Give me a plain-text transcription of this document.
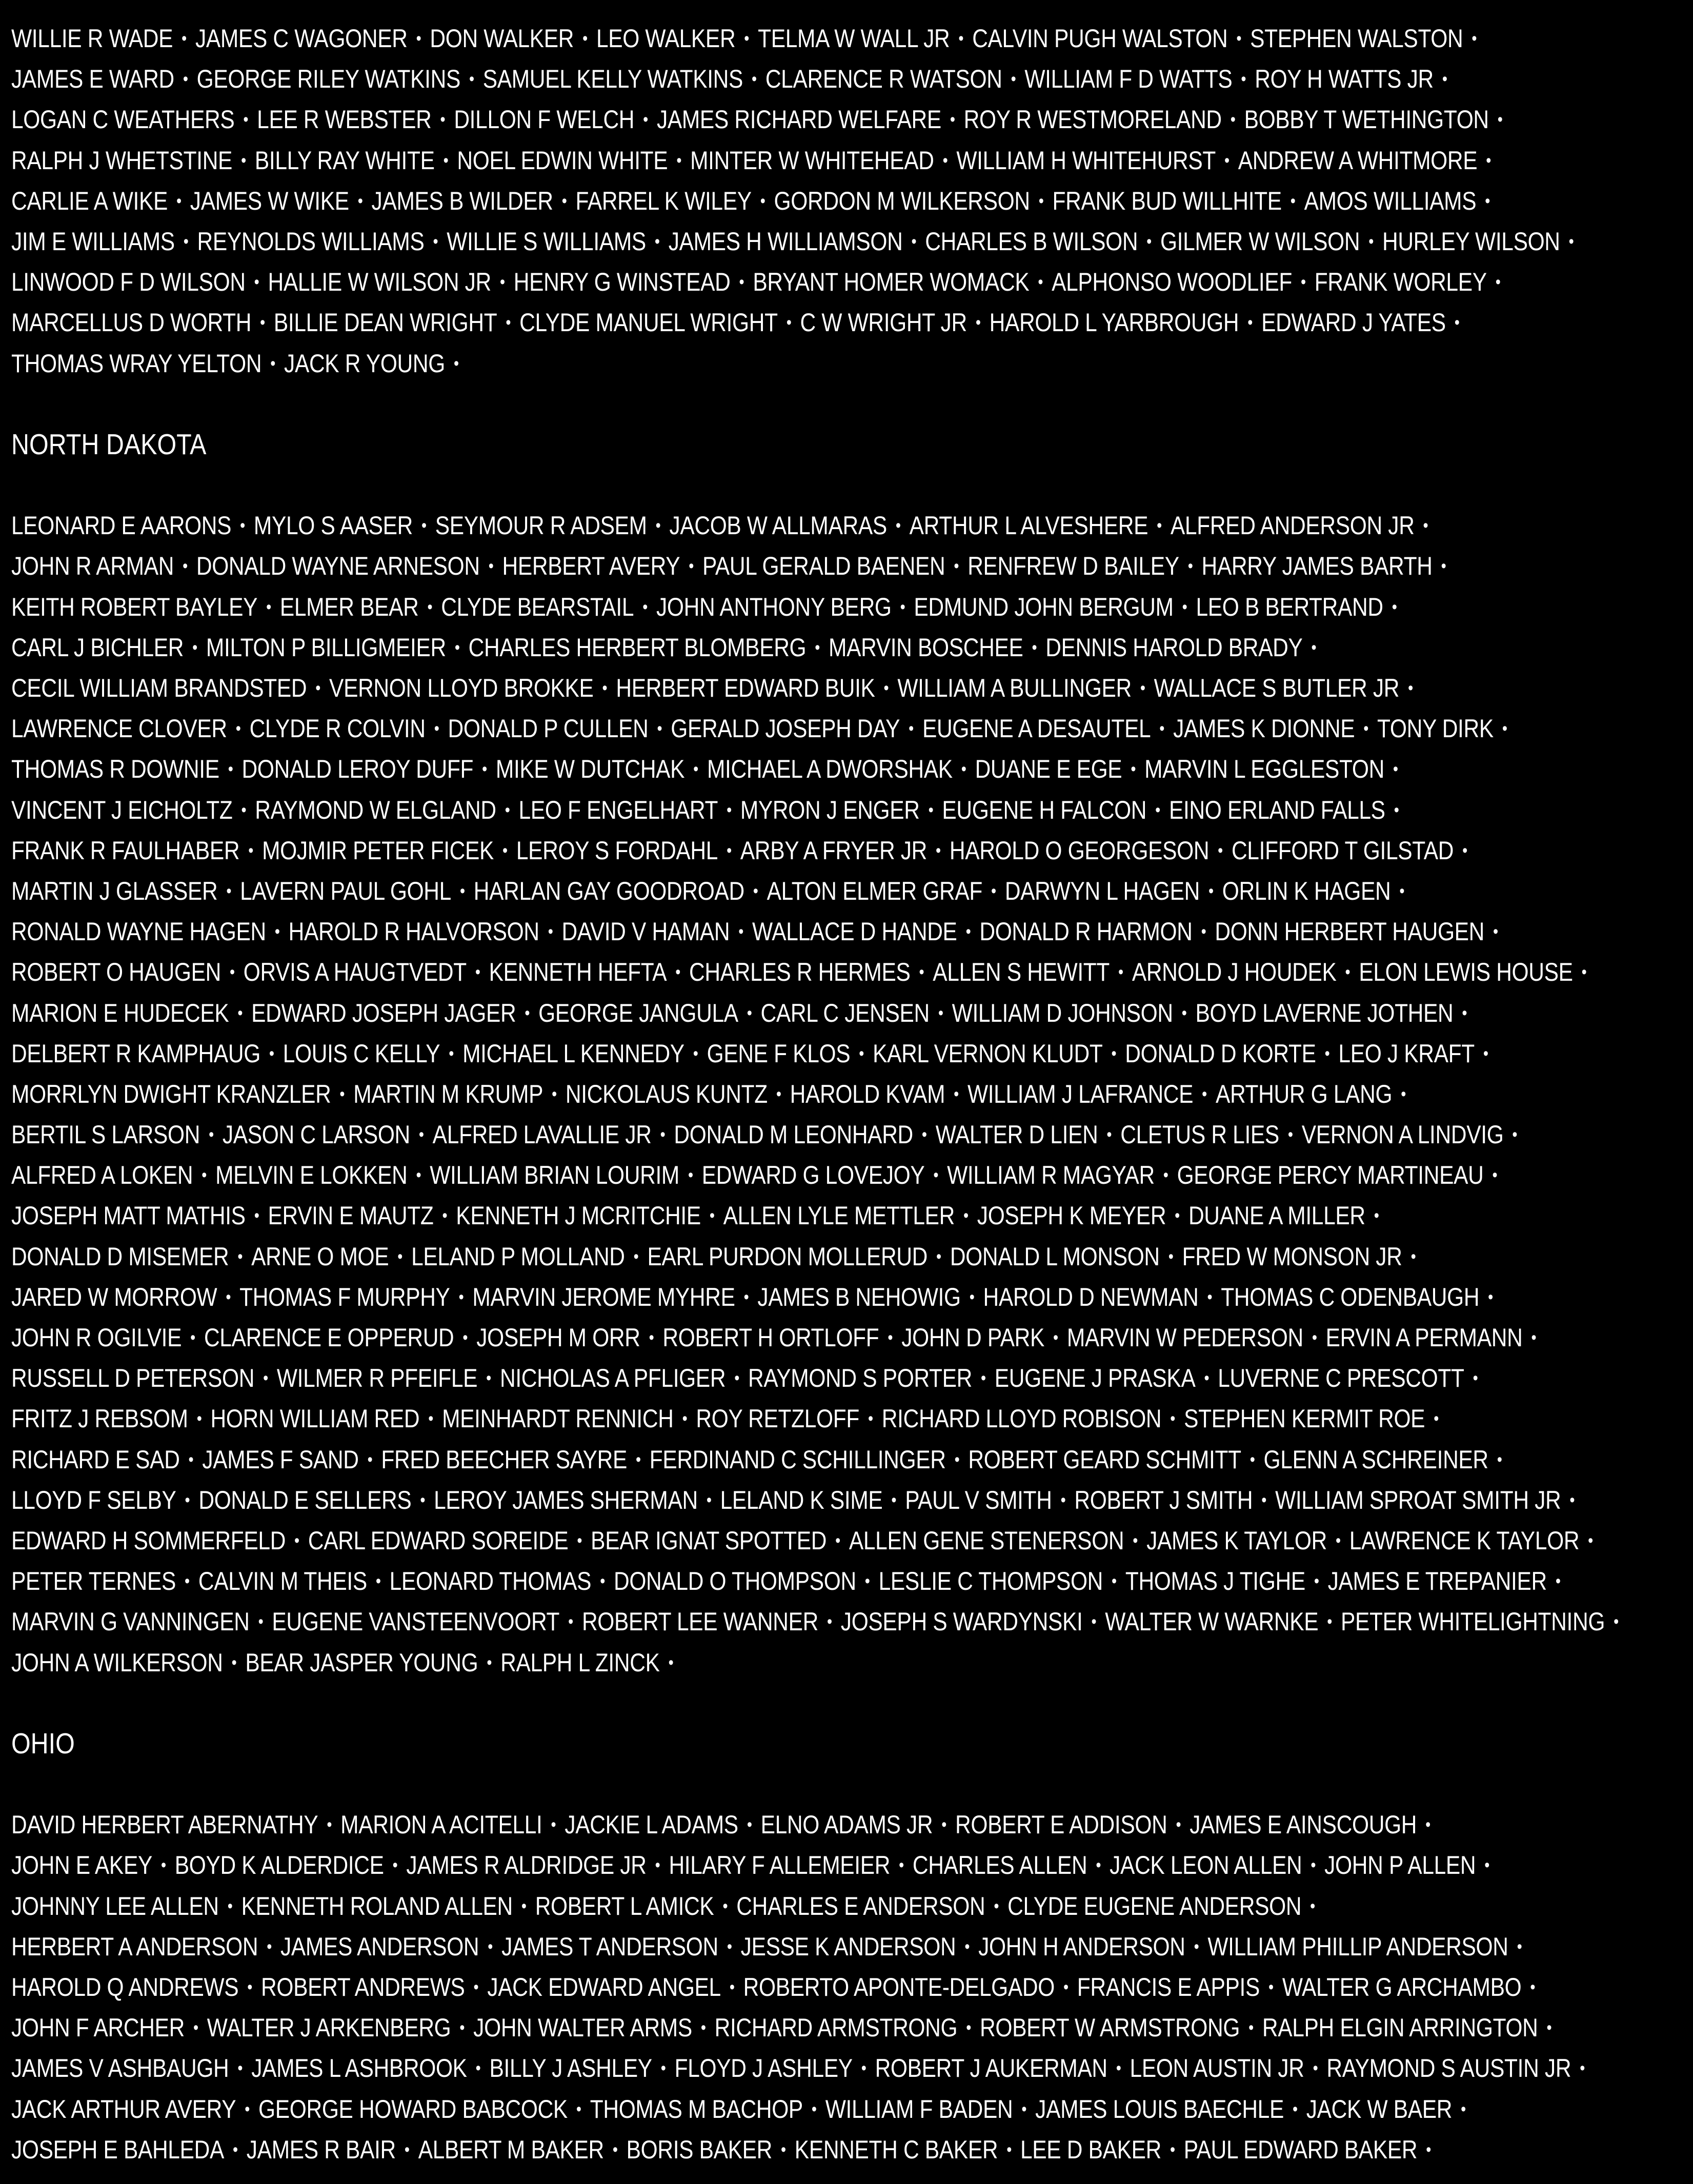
WILLIE R WADE • JAMES C WAGONER • DON WALKER • LEO WALKER • TELMA W WALL JR • CALVIN PUGH WALSTON • STEPHEN WALSTON •
JAMES E WARD • GEORGE RILEY WATKINS • SAMUEL KELLY WATKINS • CLARENCE R WATSON • WILLIAM F D WATTS • ROY H WATTS JR •
LOGAN C WEATHERS • LEE R WEBSTER • DILLON F WELCH • JAMES RICHARD WELFARE • ROY R WESTMORELAND • BOBBY T WETHINGTON •
RALPH J WHETSTINE • BILLY RAY WHITE • NOEL EDWIN WHITE • MINTER W WHITEHEAD • WILLIAM H WHITEHURST • ANDREW A WHITMORE •
CARLIE A WIKE • JAMES W WIKE • JAMES B WILDER • FARREL K WILEY • GORDON M WILKERSON • FRANK BUD WILLHITE • AMOS WILLIAMS •
JIM E WILLIAMS • REYNOLDS WILLIAMS • WILLIE S WILLIAMS • JAMES H WILLIAMSON • CHARLES B WILSON • GILMER W WILSON • HURLEY WILSON •
LINWOOD F D WILSON • HALLIE W WILSON JR • HENRY G WINSTEAD • BRYANT HOMER WOMACK • ALPHONSO WOODLIEF • FRANK WORLEY •
MARCELLUS D WORTH • BILLIE DEAN WRIGHT • CLYDE MANUEL WRIGHT • C W WRIGHT JR • HAROLD L YARBROUGH • EDWARD J YATES •
THOMAS WRAY YELTON • JACK R YOUNG •
NORTH DAKOTA
LEONARD E AARONS • MYLO S AASER • SEYMOUR R ADSEM • JACOB W ALLMARAS • ARTHUR L ALVESHERE • ALFRED ANDERSON JR •
JOHN R ARMAN • DONALD WAYNE ARNESON • HERBERT AVERY • PAUL GERALD BAENEN • RENFREW D BAILEY • HARRY JAMES BARTH •
KEITH ROBERT BAYLEY • ELMER BEAR • CLYDE BEARSTAIL • JOHN ANTHONY BERG • EDMUND JOHN BERGUM • LEO B BERTRAND •
CARL J BICHLER • MILTON P BILLIGMEIER • CHARLES HERBERT BLOMBERG • MARVIN BOSCHEE • DENNIS HAROLD BRADY •
CECIL WILLIAM BRANDSTED • VERNON LLOYD BROKKE • HERBERT EDWARD BUIK • WILLIAM A BULLINGER • WALLACE S BUTLER JR •
LAWRENCE CLOVER • CLYDE R COLVIN • DONALD P CULLEN • GERALD JOSEPH DAY • EUGENE A DESAUTEL • JAMES K DIONNE • TONY DIRK •
THOMAS R DOWNIE • DONALD LEROY DUFF • MIKE W DUTCHAK • MICHAEL A DWORSHAK • DUANE E EGE • MARVIN L EGGLESTON •
VINCENT J EICHOLTZ • RAYMOND W ELGLAND • LEO F ENGELHART • MYRON J ENGER • EUGENE H FALCON • EINO ERLAND FALLS •
FRANK R FAULHABER • MOJMIR PETER FICEK • LEROY S FORDAHL • ARBY A FRYER JR • HAROLD O GEORGESON • CLIFFORD T GILSTAD •
MARTIN J GLASSER • LAVERN PAUL GOHL • HARLAN GAY GOODROAD • ALTON ELMER GRAF • DARWYN L HAGEN • ORLIN K HAGEN •
RONALD WAYNE HAGEN • HAROLD R HALVORSON • DAVID V HAMAN • WALLACE D HANDE • DONALD R HARMON • DONN HERBERT HAUGEN •
ROBERT O HAUGEN • ORVIS A HAUGTVEDT • KENNETH HEFTA • CHARLES R HERMES • ALLEN S HEWITT • ARNOLD J HOUDEK • ELON LEWIS HOUSE •
MARION E HUDECEK • EDWARD JOSEPH JAGER • GEORGE JANGULA • CARL C JENSEN • WILLIAM D JOHNSON • BOYD LAVERNE JOTHEN •
DELBERT R KAMPHAUG • LOUIS C KELLY • MICHAEL L KENNEDY • GENE F KLOS • KARL VERNON KLUDT • DONALD D KORTE • LEO J KRAFT •
MORRLYN DWIGHT KRANZLER • MARTIN M KRUMP • NICKOLAUS KUNTZ • HAROLD KVAM • WILLIAM J LAFRANCE • ARTHUR G LANG •
BERTIL S LARSON • JASON C LARSON • ALFRED LAVALLIE JR • DONALD M LEONHARD • WALTER D LIEN • CLETUS R LIES • VERNON A LINDVIG •
ALFRED A LOKEN • MELVIN E LOKKEN • WILLIAM BRIAN LOURIM • EDWARD G LOVEJOY • WILLIAM R MAGYAR • GEORGE PERCY MARTINEAU •
JOSEPH MATT MATHIS • ERVIN E MAUTZ • KENNETH J MCRITCHIE • ALLEN LYLE METTLER • JOSEPH K MEYER • DUANE A MILLER •
DONALD D MISEMER • ARNE O MOE • LELAND P MOLLAND • EARL PURDON MOLLERUD • DONALD L MONSON • FRED W MONSON JR •
JARED W MORROW • THOMAS F MURPHY • MARVIN JEROME MYHRE • JAMES B NEHOWIG • HAROLD D NEWMAN • THOMAS C ODENBAUGH •
JOHN R OGILVIE • CLARENCE E OPPERUD • JOSEPH M ORR • ROBERT H ORTLOFF • JOHN D PARK • MARVIN W PEDERSON • ERVIN A PERMANN •
RUSSELL D PETERSON • WILMER R PFEIFLE • NICHOLAS A PFLIGER • RAYMOND S PORTER • EUGENE J PRASKA • LUVERNE C PRESCOTT •
FRITZ J REBSOM • HORN WILLIAM RED • MEINHARDT RENNICH • ROY RETZLOFF • RICHARD LLOYD ROBISON • STEPHEN KERMIT ROE •
RICHARD E SAD • JAMES F SAND • FRED BEECHER SAYRE • FERDINAND C SCHILLINGER • ROBERT GEARD SCHMITT • GLENN A SCHREINER •
LLOYD F SELBY • DONALD E SELLERS • LEROY JAMES SHERMAN • LELAND K SIME • PAUL V SMITH • ROBERT J SMITH • WILLIAM SPROAT SMITH JR •
EDWARD H SOMMERFELD • CARL EDWARD SOREIDE • BEAR IGNAT SPOTTED • ALLEN GENE STENERSON • JAMES K TAYLOR • LAWRENCE K TAYLOR •
PETER TERNES • CALVIN M THEIS • LEONARD THOMAS • DONALD O THOMPSON • LESLIE C THOMPSON • THOMAS J TIGHE • JAMES E TREPANIER •
MARVIN G VANNINGEN • EUGENE VANSTEENVOORT • ROBERT LEE WANNER • JOSEPH S WARDYNSKI • WALTER W WARNKE • PETER WHITELIGHTNING •
JOHN A WILKERSON • BEAR JASPER YOUNG • RALPH L ZINCK •
OHIO
DAVID HERBERT ABERNATHY • MARION A ACITELLI • JACKIE L ADAMS • ELNO ADAMS JR • ROBERT E ADDISON • JAMES E AINSCOUGH •
JOHN E AKEY • BOYD K ALDERDICE • JAMES R ALDRIDGE JR • HILARY F ALLEMEIER • CHARLES ALLEN • JACK LEON ALLEN • JOHN P ALLEN •
JOHNNY LEE ALLEN • KENNETH ROLAND ALLEN • ROBERT L AMICK • CHARLES E ANDERSON • CLYDE EUGENE ANDERSON •
HERBERT A ANDERSON • JAMES ANDERSON • JAMES T ANDERSON • JESSE K ANDERSON • JOHN H ANDERSON • WILLIAM PHILLIP ANDERSON •
HAROLD Q ANDREWS • ROBERT ANDREWS • JACK EDWARD ANGEL • ROBERTO APONTE-DELGADO • FRANCIS E APPIS • WALTER G ARCHAMBO •
JOHN F ARCHER • WALTER J ARKENBERG • JOHN WALTER ARMS • RICHARD ARMSTRONG • ROBERT W ARMSTRONG • RALPH ELGIN ARRINGTON •
JAMES V ASHBAUGH • JAMES L ASHBROOK • BILLY J ASHLEY • FLOYD J ASHLEY • ROBERT J AUKERMAN • LEON AUSTIN JR • RAYMOND S AUSTIN JR •
JACK ARTHUR AVERY • GEORGE HOWARD BABCOCK • THOMAS M BACHOP • WILLIAM F BADEN • JAMES LOUIS BAECHLE • JACK W BAER •
JOSEPH E BAHLEDA • JAMES R BAIR • ALBERT M BAKER • BORIS BAKER • KENNETH C BAKER • LEE D BAKER • PAUL EDWARD BAKER •
